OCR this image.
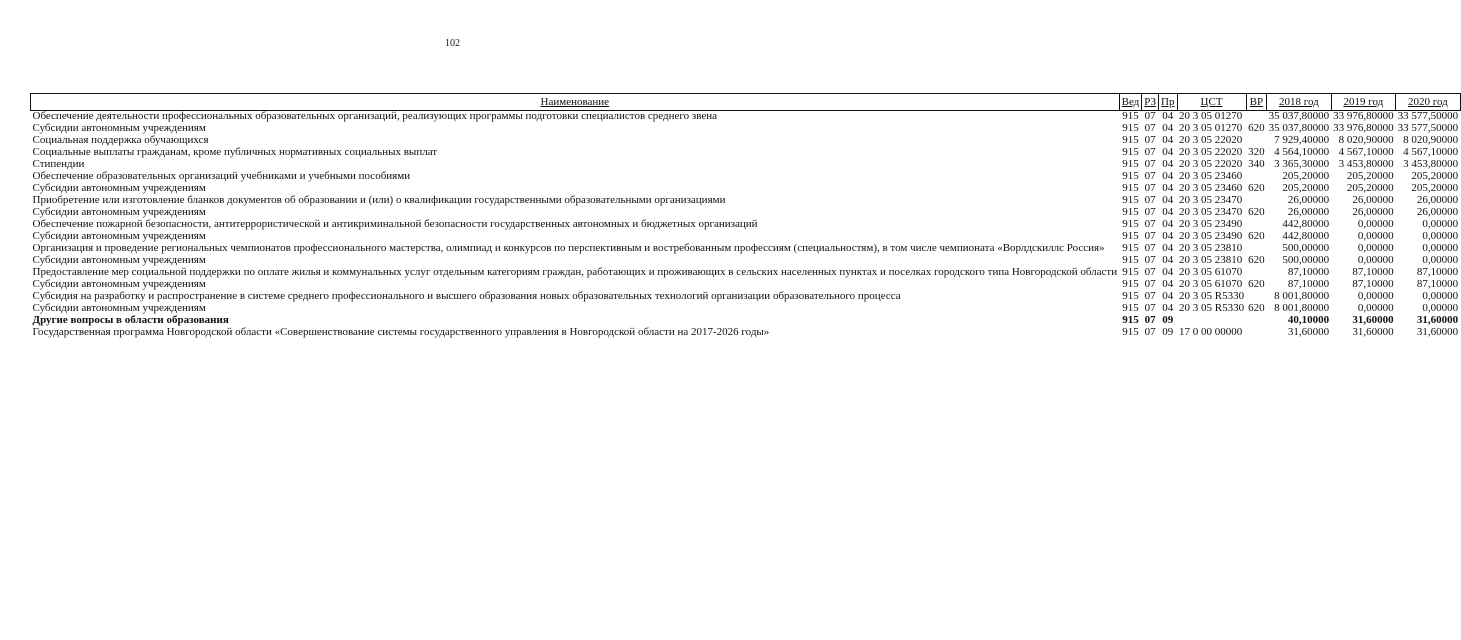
102
Наименование	Вед	РЗ	Пр	ЦСТ	ВР	2018 год	2019 год	2020 год
Обеспечение деятельности профессиональных образовательных организаций, реализующих программы подготовки специалистов среднего звена	915	07	04	20 3 05 01270		35 037,80000	33 976,80000	33 577,50000
Субсидии автономным учреждениям	915	07	04	20 3 05 01270	620	35 037,80000	33 976,80000	33 577,50000
Социальная поддержка обучающихся	915	07	04	20 3 05 22020		7 929,40000	8 020,90000	8 020,90000
Социальные выплаты гражданам, кроме публичных нормативных социальных выплат	915	07	04	20 3 05 22020	320	4 564,10000	4 567,10000	4 567,10000
Стипендии	915	07	04	20 3 05 22020	340	3 365,30000	3 453,80000	3 453,80000
Обеспечение образовательных организаций учебниками и учебными пособиями	915	07	04	20 3 05 23460		205,20000	205,20000	205,20000
Субсидии автономным учреждениям	915	07	04	20 3 05 23460	620	205,20000	205,20000	205,20000
Приобретение или изготовление бланков документов об образовании и (или) о квалификации государственными образовательными организациями	915	07	04	20 3 05 23470		26,00000	26,00000	26,00000
Субсидии автономным учреждениям	915	07	04	20 3 05 23470	620	26,00000	26,00000	26,00000
Обеспечение пожарной безопасности, антитеррористической и антикриминальной безопасности государственных автономных и бюджетных организаций	915	07	04	20 3 05 23490		442,80000	0,00000	0,00000
Субсидии автономным учреждениям	915	07	04	20 3 05 23490	620	442,80000	0,00000	0,00000
Организация и проведение региональных чемпионатов профессионального мастерства, олимпиад и конкурсов по перспективным и востребованным профессиям (специальностям), в том числе чемпионата «Ворлдскиллс Россия»	915	07	04	20 3 05 23810		500,00000	0,00000	0,00000
Субсидии автономным учреждениям	915	07	04	20 3 05 23810	620	500,00000	0,00000	0,00000
Предоставление мер социальной поддержки по оплате жилья и коммунальных услуг отдельным категориям граждан, работающих и проживающих в сельских населенных пунктах и поселках городского типа Новгородской области	915	07	04	20 3 05 61070		87,10000	87,10000	87,10000
Субсидии автономным учреждениям	915	07	04	20 3 05 61070	620	87,10000	87,10000	87,10000
Субсидия на разработку и распространение в системе среднего профессионального и высшего образования новых образовательных технологий организации образовательного процесса	915	07	04	20 3 05 R5330		8 001,80000	0,00000	0,00000
Субсидии автономным учреждениям	915	07	04	20 3 05 R5330	620	8 001,80000	0,00000	0,00000
Другие вопросы в области образования	915	07	09			40,10000	31,60000	31,60000
Государственная программа Новгородской области «Совершенствование системы государственного управления в Новгородской области на 2017-2026 годы»	915	07	09	17 0 00 00000		31,60000	31,60000	31,60000
